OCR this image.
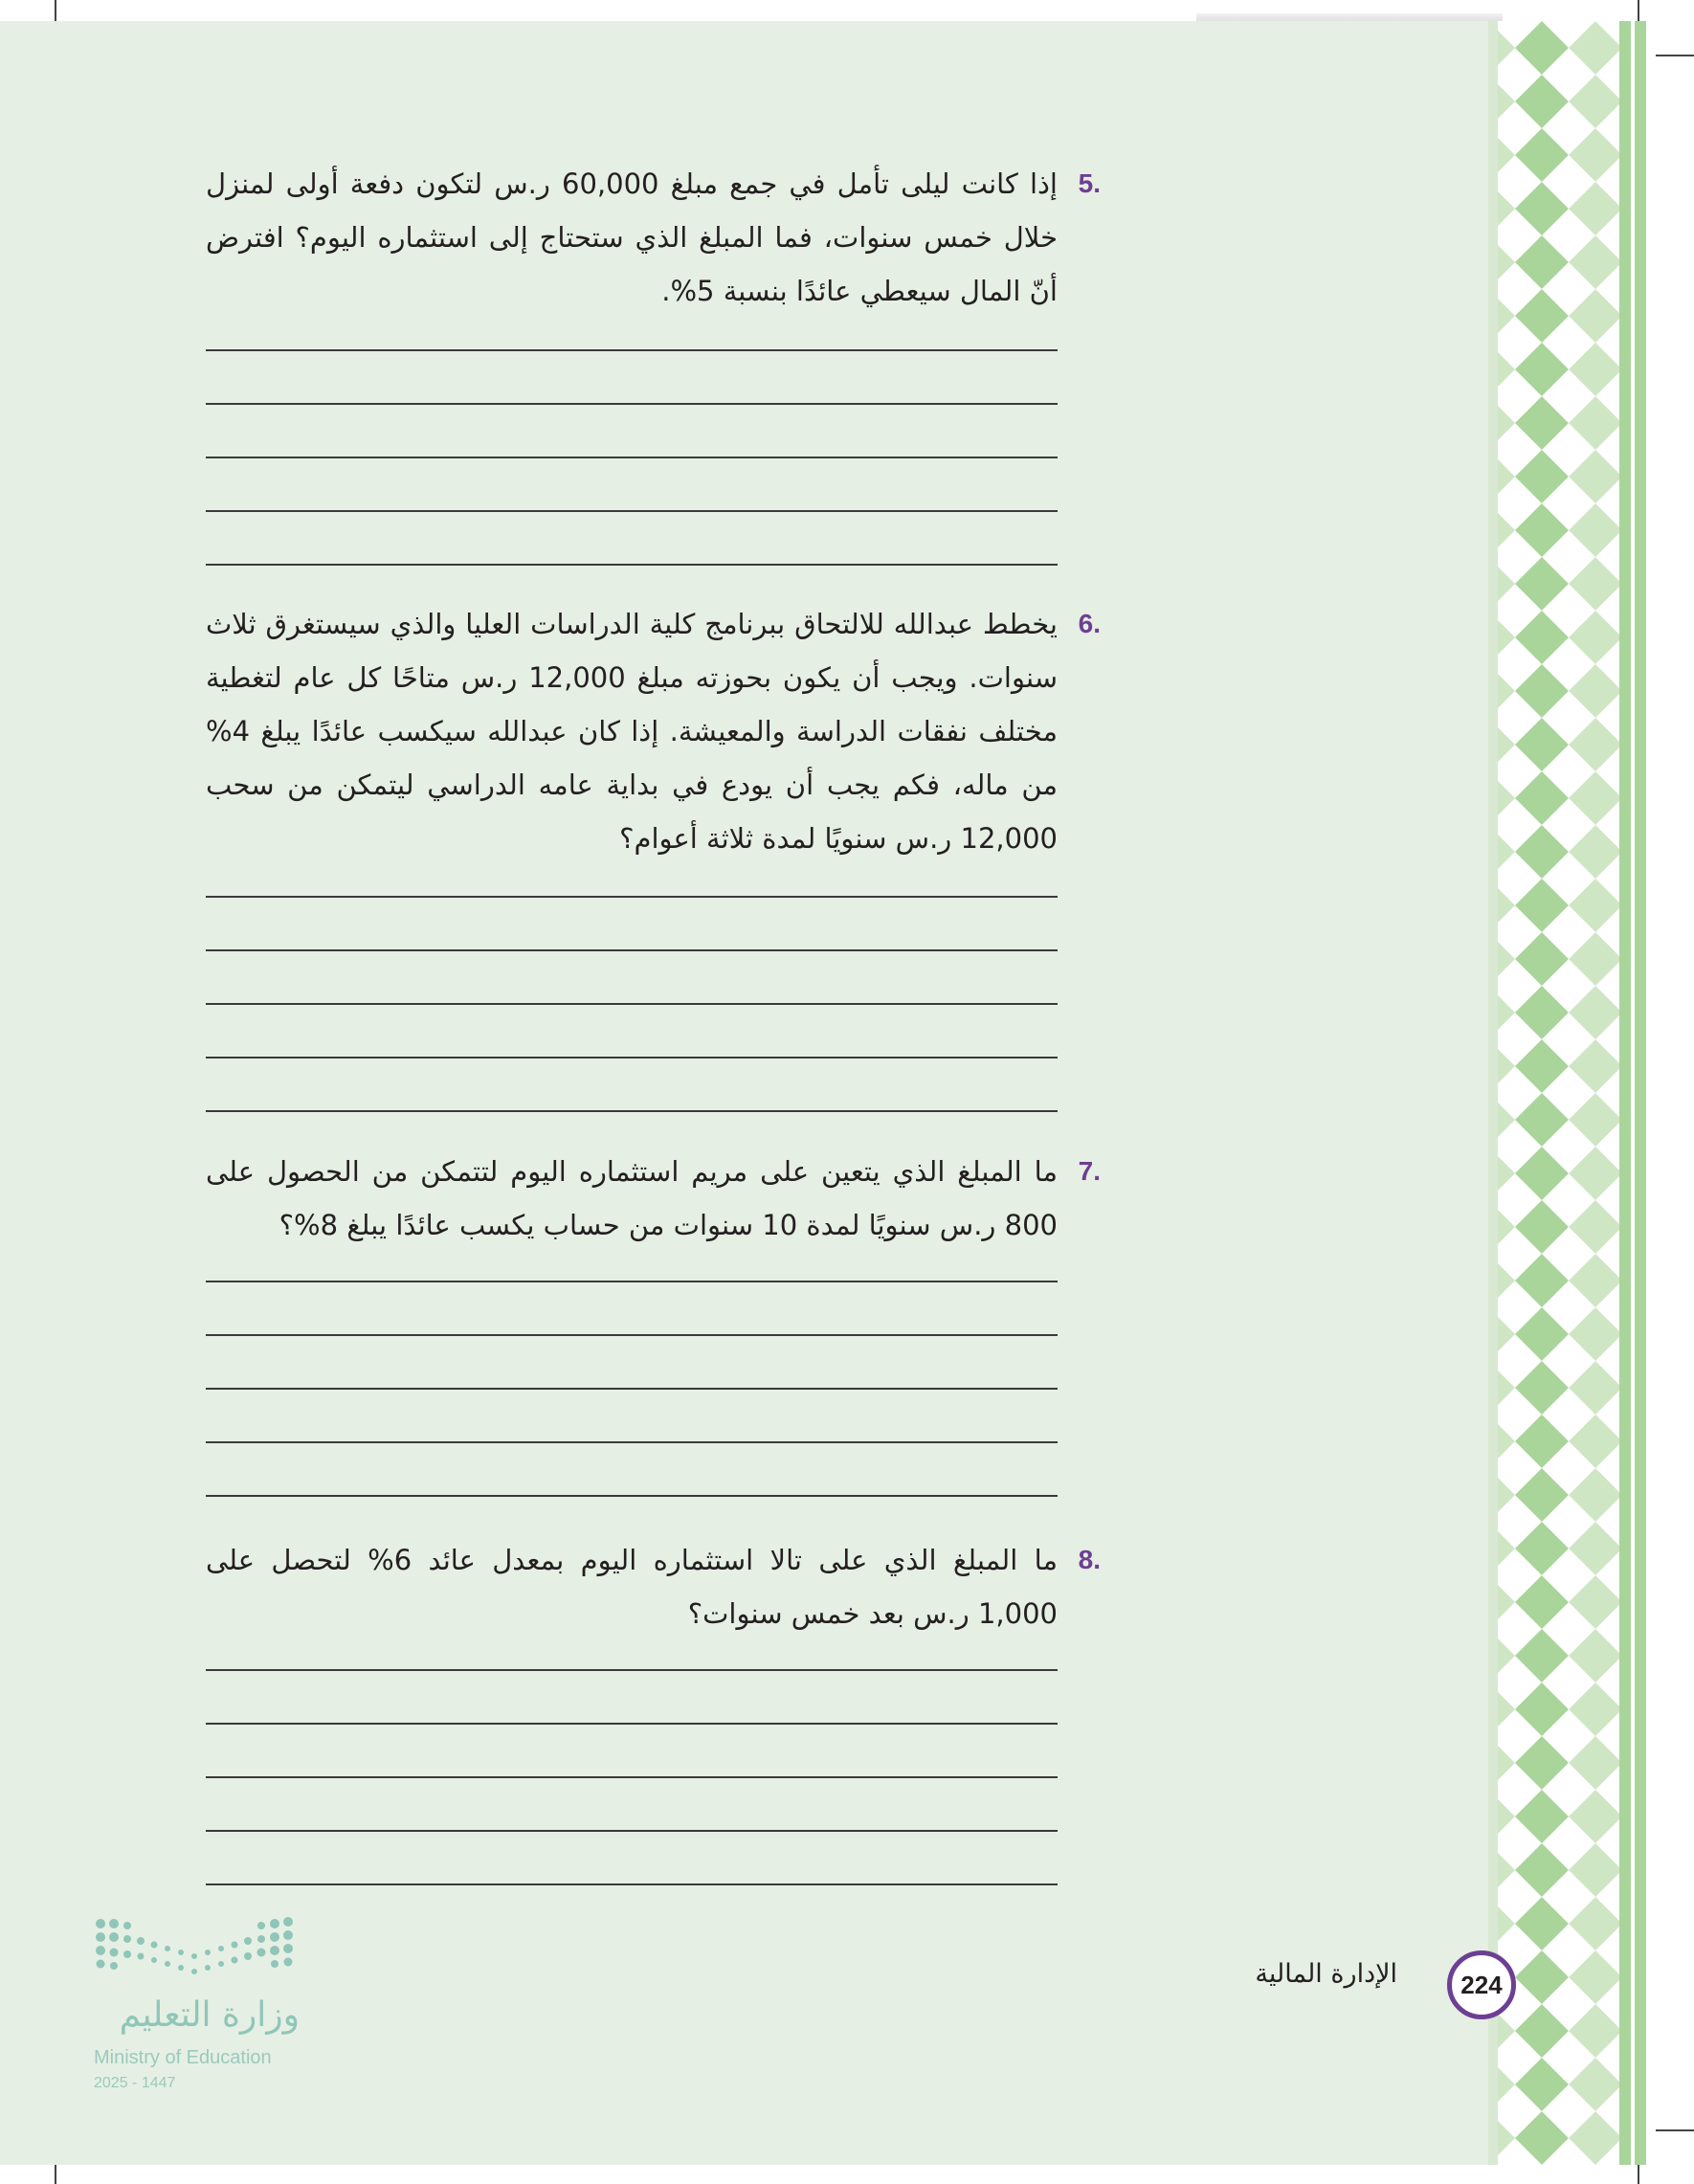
.5

إذا كانت ليلى تأمل في جمع مبلغ 60,000 ر.س لتكون دفعة أولى لمنزل خلال خمس سنوات، فما المبلغ الذي ستحتاج إلى استثماره اليوم؟ افترض أنّ المال سيعطي عائدًا بنسبة 5%.

.6

يخطط عبدالله للالتحاق ببرنامج كلية الدراسات العليا والذي سيستغرق ثلاث سنوات. ويجب أن يكون بحوزته مبلغ 12,000 ر.س متاحًا كل عام لتغطية مختلف نفقات الدراسة والمعيشة. إذا كان عبدالله سيكسب عائدًا يبلغ 4% من ماله، فكم يجب أن يودع في بداية عامه الدراسي ليتمكن من سحب 12,000 ر.س سنويًا لمدة ثلاثة أعوام؟

.7

ما المبلغ الذي يتعين على مريم استثماره اليوم لتتمكن من الحصول على 800 ر.س سنويًا لمدة 10 سنوات من حساب يكسب عائدًا يبلغ 8%؟

.8

ما المبلغ الذي على تالا استثماره اليوم بمعدل عائد 6% لتحصل على 1,000 ر.س بعد خمس سنوات؟

الإدارة المالية	224
وزارة التعليم
Ministry of Education
2025 - 1447
